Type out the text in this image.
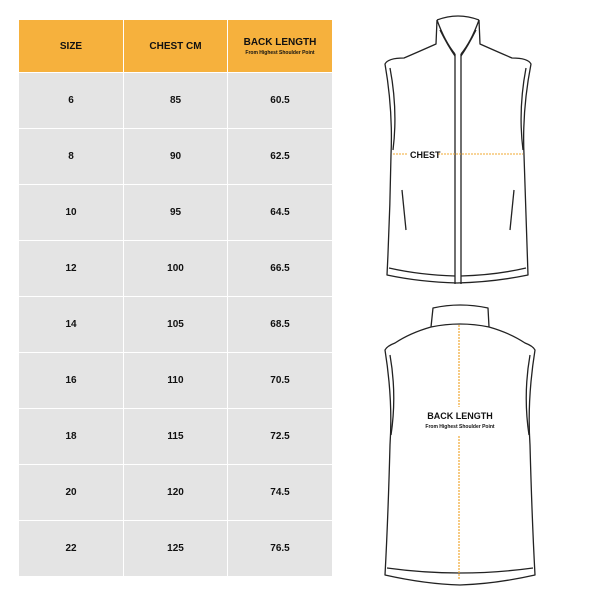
SIZE	CHEST CM	BACK LENGTH
From Highest Shoulder Point

6	85	60.5
8	90	62.5
10	95	64.5
12	100	66.5
14	105	68.5
16	110	70.5
18	115	72.5
20	120	74.5
22	125	76.5
CHEST
BACK LENGTH
From Highest Shoulder Point
